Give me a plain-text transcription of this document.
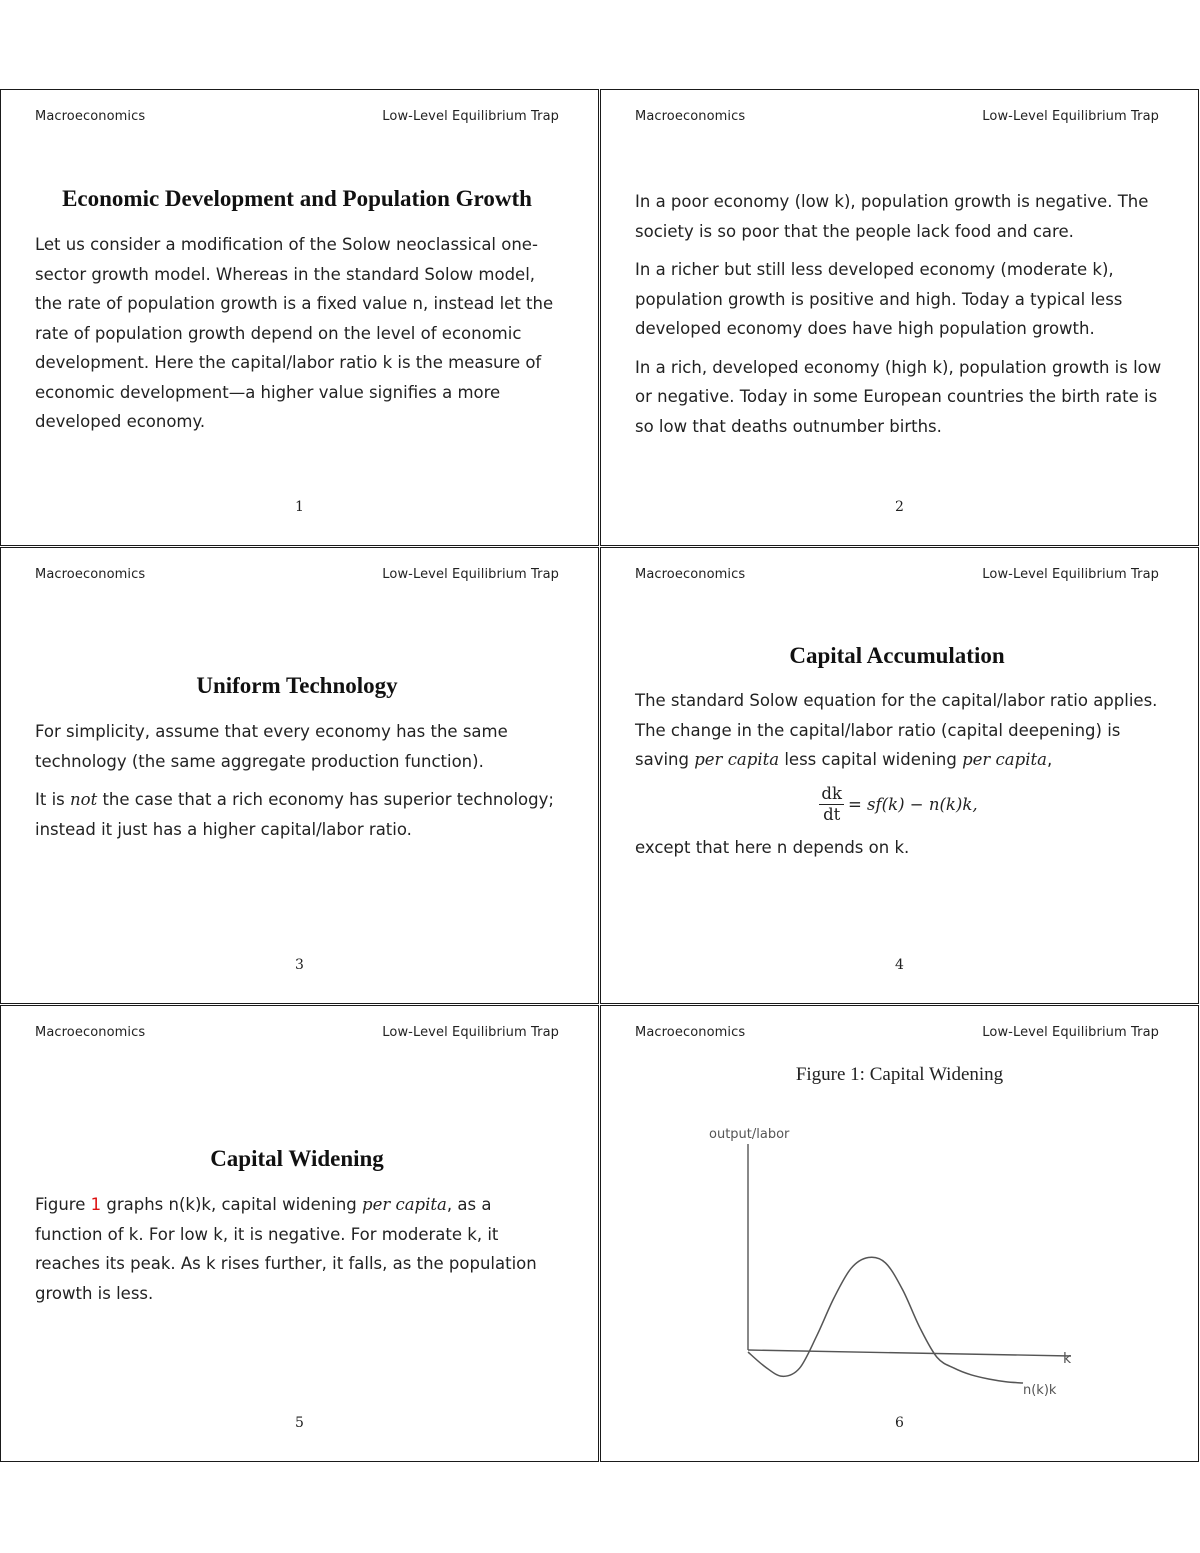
Macroeconomics	Low-Level Equilibrium Trap
Economic Development and Population Growth

Let us consider a modification of the Solow neoclassical one-sector growth model. Whereas in the standard Solow model, the rate of population growth is a fixed value n, instead let the rate of population growth depend on the level of economic development. Here the capital/labor ratio k is the measure of economic development—a higher value signifies a more developed economy.

1
Macroeconomics	Low-Level Equilibrium Trap

In a poor economy (low k), population growth is negative. The society is so poor that the people lack food and care.

In a richer but still less developed economy (moderate k), population growth is positive and high. Today a typical less developed economy does have high population growth.

In a rich, developed economy (high k), population growth is low or negative. Today in some European countries the birth rate is so low that deaths outnumber births.

2
Macroeconomics	Low-Level Equilibrium Trap
Uniform Technology

For simplicity, assume that every economy has the same technology (the same aggregate production function).

It is not the case that a rich economy has superior technology; instead it just has a higher capital/labor ratio.

3
Macroeconomics	Low-Level Equilibrium Trap
Capital Accumulation

The standard Solow equation for the capital/labor ratio applies. The change in the capital/labor ratio (capital deepening) is saving per capita less capital widening per capita,

$\frac{dk}{dt} = sf(k) - n(k)k$,

except that here n depends on k.

4
Macroeconomics	Low-Level Equilibrium Trap
Capital Widening

Figure 1 graphs n(k)k, capital widening per capita, as a function of k. For low k, it is negative. For moderate k, it reaches its peak. As k rises further, it falls, as the population growth is less.

5
Macroeconomics	Low-Level Equilibrium Trap
Figure 1: Capital Widening
output/labor
k
n(k)k
6
